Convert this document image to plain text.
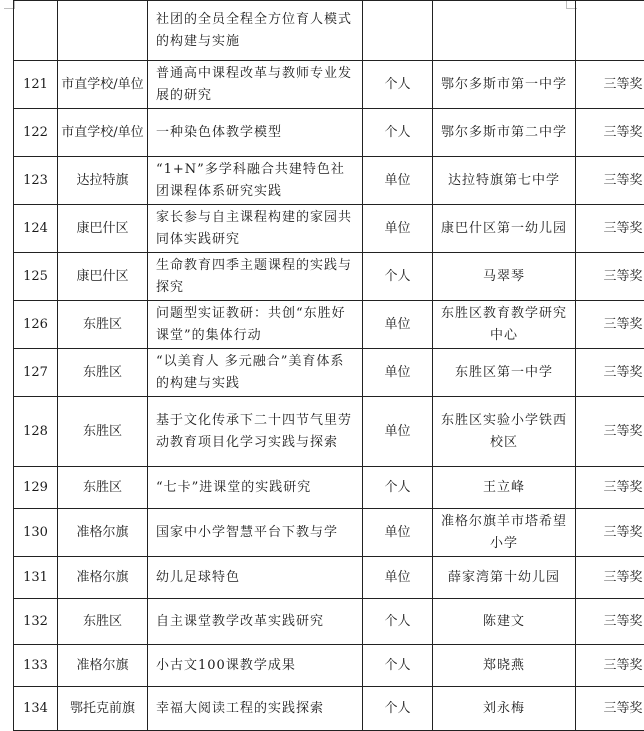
		社团的全员全程全方位育人模式的构建与实施			
121	市直学校/单位	普通高中课程改革与教师专业发展的研究	个人	鄂尔多斯市第一中学	三等奖
122	市直学校/单位	一种染色体教学模型	个人	鄂尔多斯市第二中学	三等奖
123	达拉特旗	“1+N”多学科融合共建特色社团课程体系研究实践	单位	达拉特旗第七中学	三等奖
124	康巴什区	家长参与自主课程构建的家园共同体实践研究	单位	康巴什区第一幼儿园	三等奖
125	康巴什区	生命教育四季主题课程的实践与探究	个人	马翠琴	三等奖
126	东胜区	问题型实证教研：共创“东胜好课堂”的集体行动	单位	东胜区教育教学研究中心	三等奖
127	东胜区	“以美育人 多元融合”美育体系的构建与实践	单位	东胜区第一中学	三等奖
128	东胜区	基于文化传承下二十四节气里劳动教育项目化学习实践与探索	单位	东胜区实验小学铁西校区	三等奖
129	东胜区	“七卡”进课堂的实践研究	个人	王立峰	三等奖
130	准格尔旗	国家中小学智慧平台下教与学	单位	准格尔旗羊市塔希望小学	三等奖
131	准格尔旗	幼儿足球特色	单位	薛家湾第十幼儿园	三等奖
132	东胜区	自主课堂教学改革实践研究	个人	陈建文	三等奖
133	准格尔旗	小古文100课教学成果	个人	郑晓燕	三等奖
134	鄂托克前旗	幸福大阅读工程的实践探索	个人	刘永梅	三等奖
